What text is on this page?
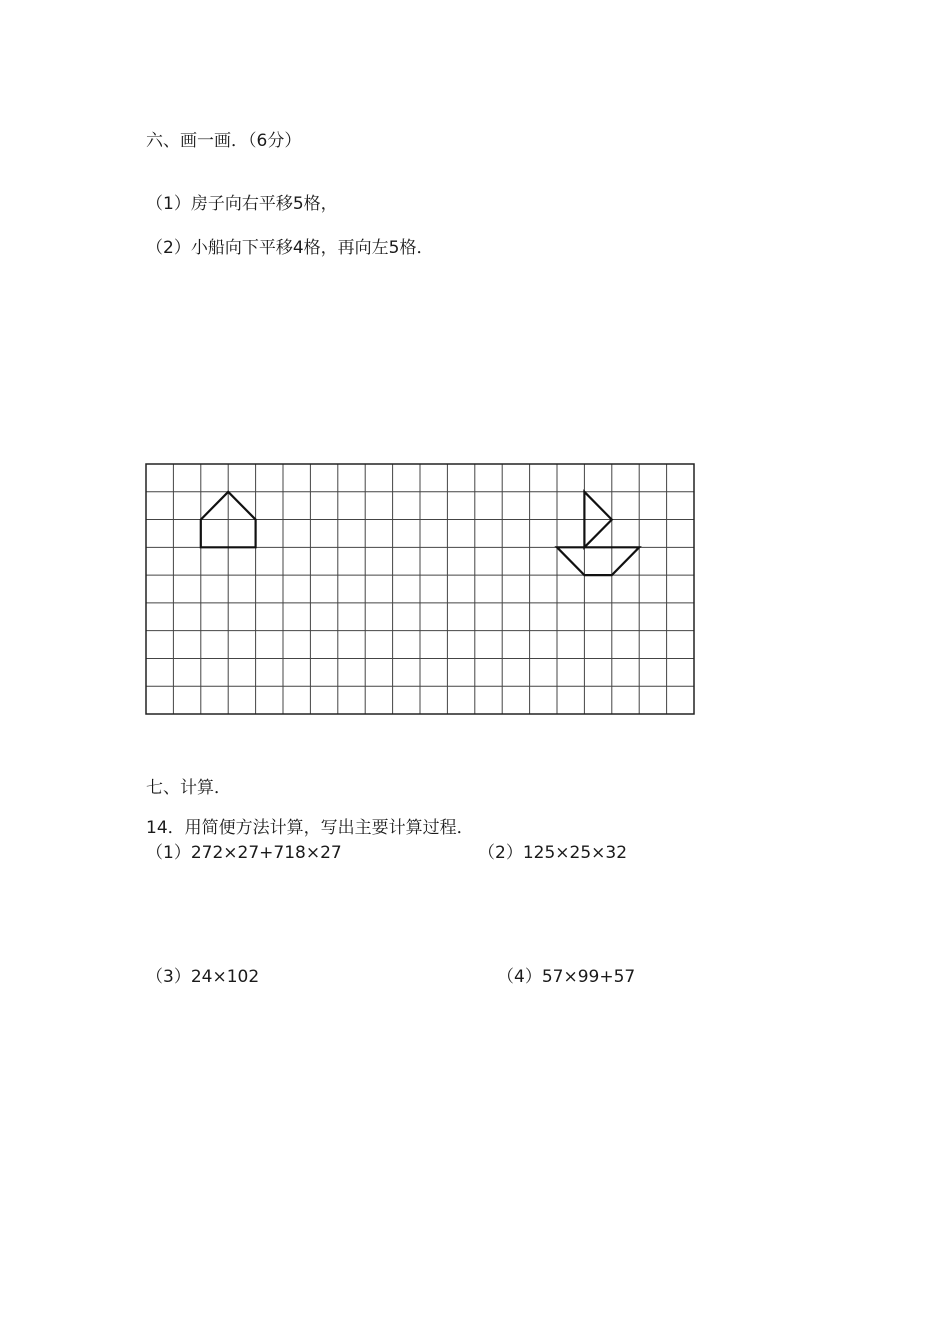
六、画一画．（6分）
（1）房子向右平移5格，
（2）小船向下平移4格，再向左5格．
七、计算．
14．用简便方法计算，写出主要计算过程．
（1）272×27+718×27	（2）125×25×32
（3）24×102	（4）57×99+57
